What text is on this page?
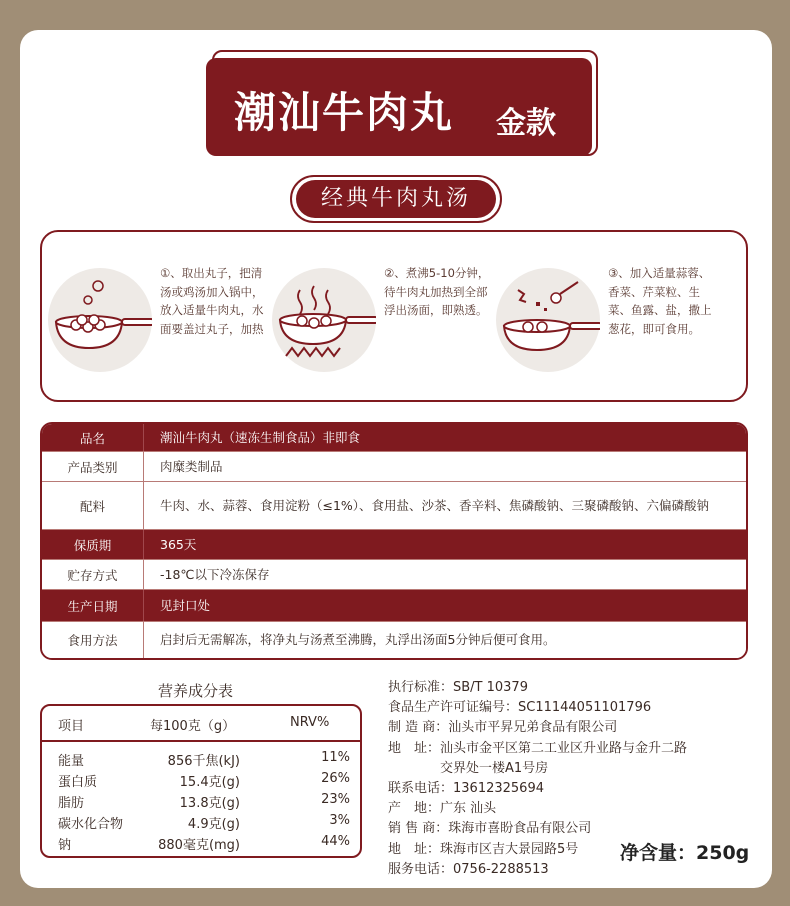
潮汕牛肉丸 金款
经典牛肉丸汤
①、取出丸子，把清汤或鸡汤加入锅中，放入适量牛肉丸，水面要盖过丸子，加热
②、煮沸5-10分钟，待牛肉丸加热到全部浮出汤面，即熟透。
③、加入适量蒜蓉、香菜、芹菜粒、生菜、鱼露、盐，撒上葱花，即可食用。
品名	潮汕牛肉丸（速冻生制食品）非即食
产品类别	肉糜类制品
配料	牛肉、水、蒜蓉、食用淀粉（≤1%）、食用盐、沙茶、香辛料、焦磷酸钠、三聚磷酸钠、六偏磷酸钠
保质期	365天
贮存方式	-18℃以下冷冻保存
生产日期	见封口处
食用方法	启封后无需解冻，将净丸与汤煮至沸腾，丸浮出汤面5分钟后便可食用。
营养成分表
项目	每100克（g）	NRV%
能量	856千焦(kJ)	11%
蛋白质	15.4克(g)	26%
脂肪	13.8克(g)	23%
碳水化合物	4.9克(g)	3%
钠	880毫克(mg)	44%
执行标准：SB/T 10379
食品生产许可证编号：SC11144051101796
制 造 商：汕头市平昇兄弟食品有限公司
地　址：汕头市金平区第二工业区升业路与金升二路
　　　　交界处一楼A1号房
联系电话：13612325694
产　地：广东 汕头
销 售 商：珠海市喜盼食品有限公司
地　址：珠海市区吉大景园路5号
服务电话：0756-2288513
净含量：250g
